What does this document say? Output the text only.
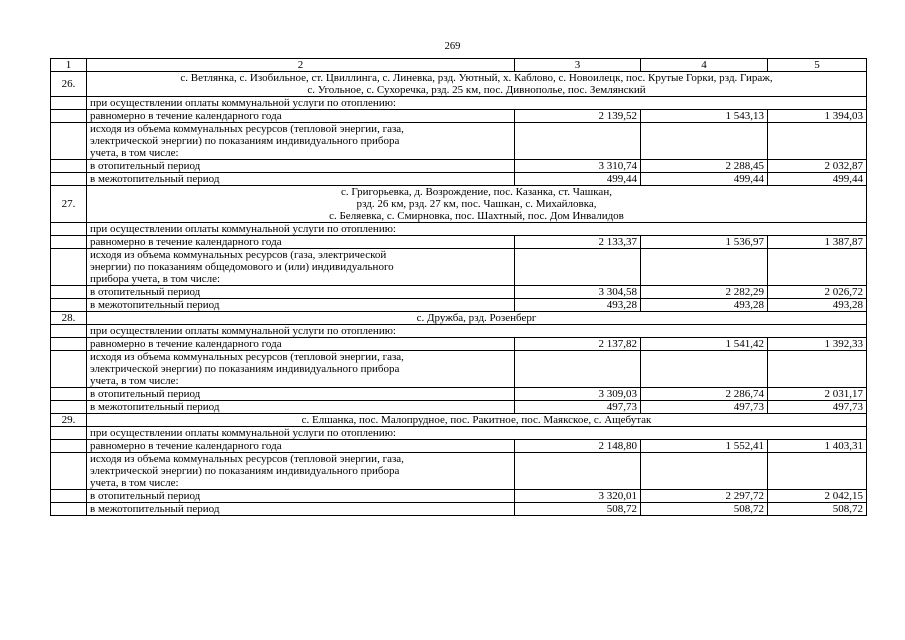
269
1	2	3	4	5
26.	с. Ветлянка, с. Изобильное, ст. Цвиллинга, с. Линевка, рзд. Уютный, х. Каблово, с. Новоилецк, пос. Крутые Горки, рзд. Гираж,
с. Угольное, с. Сухоречка, рзд. 25 км, пос. Дивнополье, пос. Землянский			

	при осуществлении оплаты коммунальной услуги по отоплению:			
	равномерно в течение календарного года	2 139,52	1 543,13	1 394,03

	исходя из объема коммунальных ресурсов (тепловой энергии, газа,
электрической энергии) по показаниям индивидуального прибора
учета, в том числе:			

	в отопительный период	3 310,74	2 288,45	2 032,87
	в межотопительный период	499,44	499,44	499,44
27.	с. Григорьевка, д. Возрождение, пос. Казанка, ст. Чашкан,
рзд. 26 км, рзд. 27 км, пос. Чашкан, с. Михайловка,
с. Беляевка, с. Смирновка, пос. Шахтный, пос. Дом Инвалидов			

	при осуществлении оплаты коммунальной услуги по отоплению:			
	равномерно в течение календарного года	2 133,37	1 536,97	1 387,87

	исходя из объема коммунальных ресурсов (газа, электрической
энергии) по показаниям общедомового и (или) индивидуального
прибора учета, в том числе:			

	в отопительный период	3 304,58	2 282,29	2 026,72
	в межотопительный период	493,28	493,28	493,28
28.	с. Дружба, рзд. Розенберг			

	при осуществлении оплаты коммунальной услуги по отоплению:			
	равномерно в течение календарного года	2 137,82	1 541,42	1 392,33

	исходя из объема коммунальных ресурсов (тепловой энергии, газа,
электрической энергии) по показаниям индивидуального прибора
учета, в том числе:			

	в отопительный период	3 309,03	2 286,74	2 031,17
	в межотопительный период	497,73	497,73	497,73
29.	с. Елшанка, пос. Малопрудное, пос. Ракитное, пос. Маякское, с. Ащебутак			

	при осуществлении оплаты коммунальной услуги по отоплению:			
	равномерно в течение календарного года	2 148,80	1 552,41	1 403,31

	исходя из объема коммунальных ресурсов (тепловой энергии, газа,
электрической энергии) по показаниям индивидуального прибора
учета, в том числе:			

	в отопительный период	3 320,01	2 297,72	2 042,15
	в межотопительный период	508,72	508,72	508,72
